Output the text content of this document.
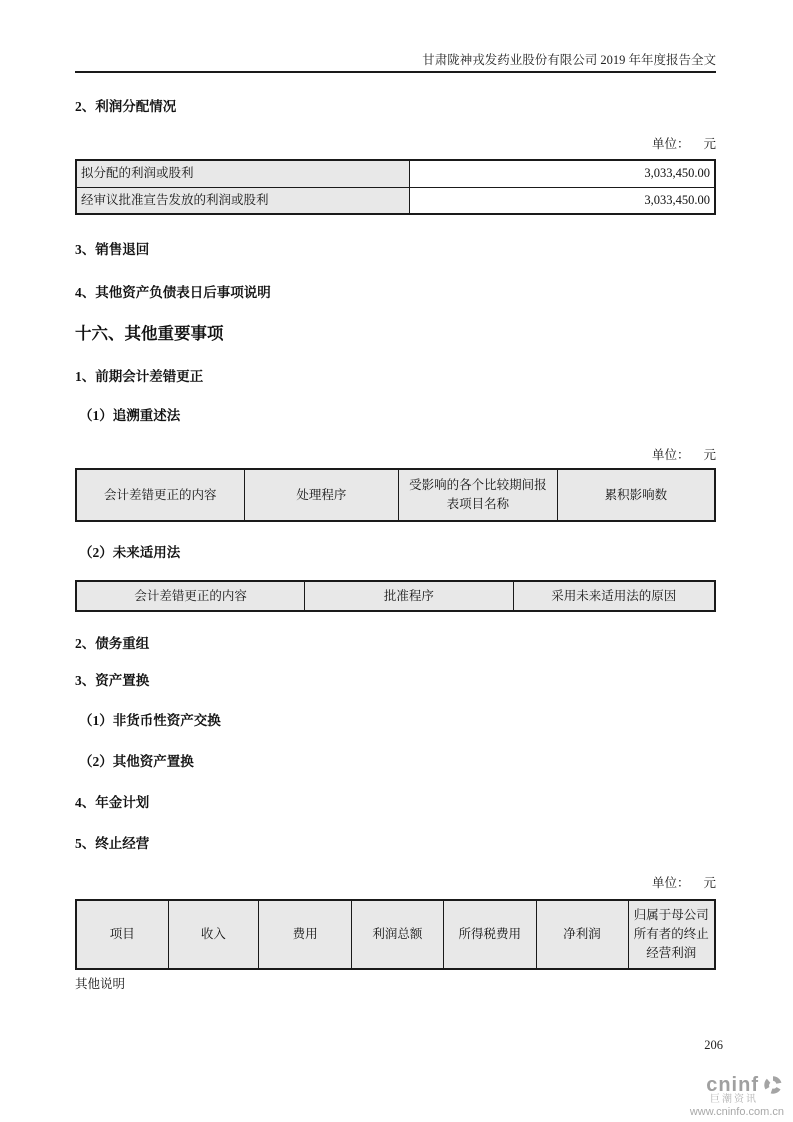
甘肃陇神戎发药业股份有限公司 2019 年年度报告全文
2、利润分配情况
单位： 元
拟分配的利润或股利	3,033,450.00
经审议批准宣告发放的利润或股利	3,033,450.00
3、销售退回
4、其他资产负债表日后事项说明
十六、其他重要事项
1、前期会计差错更正
（1）追溯重述法
单位： 元
会计差错更正的内容	处理程序	受影响的各个比较期间报表项目名称	累积影响数
（2）未来适用法
会计差错更正的内容	批准程序	采用未来适用法的原因
2、债务重组
3、资产置换
（1）非货币性资产交换
（2）其他资产置换
4、年金计划
5、终止经营
单位： 元
项目	收入	费用	利润总额	所得税费用	净利润	归属于母公司所有者的终止经营利润
其他说明
206
cninf
巨潮资讯
www.cninfo.com.cn
